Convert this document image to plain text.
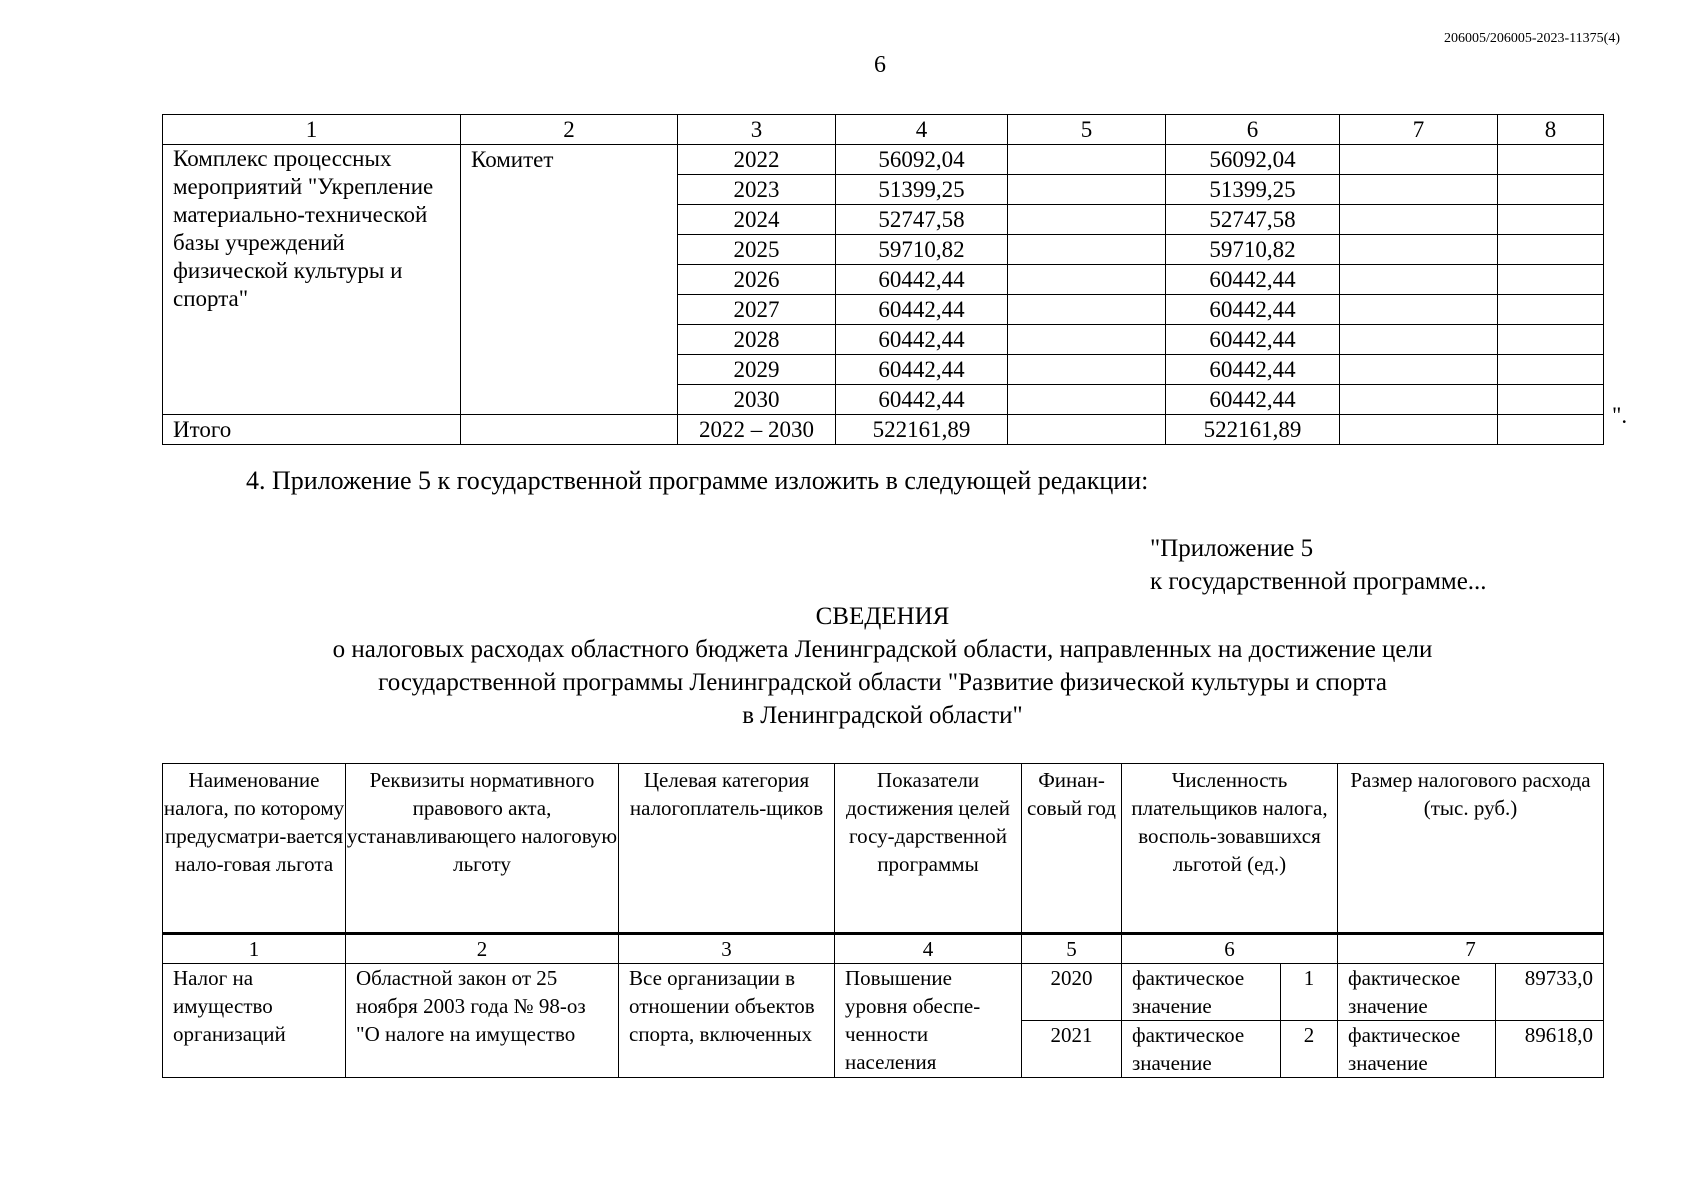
206005/206005-2023-11375(4)
6
1	2	3	4	5	6	7	8
Комплекс процессных мероприятий "Укрепление материально-технической базы учреждений физической культуры и спорта"	Комитет	2022	56092,04		56092,04		
		2023	51399,25		51399,25		
		2024	52747,58		52747,58		
		2025	59710,82		59710,82		
		2026	60442,44		60442,44		
		2027	60442,44		60442,44		
		2028	60442,44		60442,44		
		2029	60442,44		60442,44		
		2030	60442,44		60442,44		
Итого		2022 – 2030	522161,89		522161,89		
".
4. Приложение 5 к государственной программе изложить в следующей редакции:
"Приложение 5
к государственной программе...
СВЕДЕНИЯ
о налоговых расходах областного бюджета Ленинградской области, направленных на достижение цели
государственной программы Ленинградской области "Развитие физической культуры и спорта
в Ленинградской области"
Наименование налога, по которому предусматри-вается нало-говая льгота	Реквизиты нормативного правового акта, устанавливающего налоговую льготу	Целевая категория налогоплатель-щиков	Показатели достижения целей госу-дарственной программы	Финан-совый год	Численность плательщиков налога, восполь-зовавшихся льготой (ед.)		Размер налогового расхода (тыс. руб.)	
1	2	3	4	5	6		7	
Налог на имущество организаций	Областной закон от 25 ноября 2003 года № 98-оз "О налоге на имущество	Все организации в отношении объектов спорта, включенных	Повышение уровня обеспе-ченности населения	2020	фактическое значение	1	фактическое значение	89733,0
				2021	фактическое значение	2	фактическое значение	89618,0
